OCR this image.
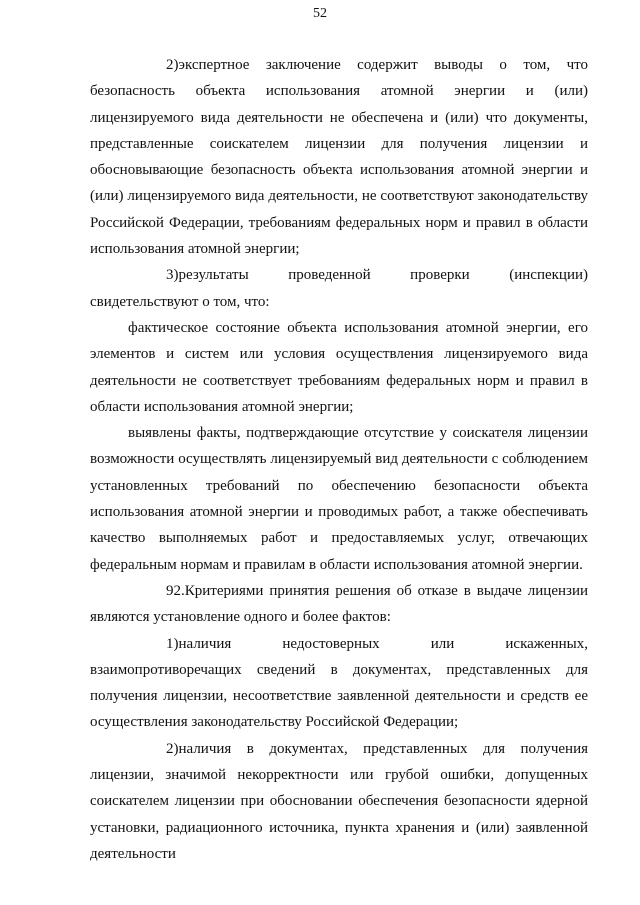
52

2)экспертное заключение содержит выводы о том, что безопасность объекта использования атомной энергии и (или) лицензируемого вида деятельности не обеспечена и (или) что документы, представленные соискателем лицензии для получения лицензии и обосновывающие безопасность объекта использования атомной энергии и (или) лицензируемого вида деятельности, не соответствуют законодательству Российской Федерации, требованиям федеральных норм и правил в области использования атомной энергии;

3)результаты проведенной проверки (инспекции) свидетельствуют о том, что:

фактическое состояние объекта использования атомной энергии, его элементов и систем или условия осуществления лицензируемого вида деятельности не соответствует требованиям федеральных норм и правил в области использования атомной энергии;

выявлены факты, подтверждающие отсутствие у соискателя лицензии возможности осуществлять лицензируемый вид деятельности с соблюдением установленных требований по обеспечению безопасности объекта использования атомной энергии и проводимых работ, а также обеспечивать качество выполняемых работ и предоставляемых услуг, отвечающих федеральным нормам и правилам в области использования атомной энергии.

92.Критериями принятия решения об отказе в выдаче лицензии являются установление одного и более фактов:

1)наличия недостоверных или искаженных, взаимопротиворечащих сведений в документах, представленных для получения лицензии, несоответствие заявленной деятельности и средств ее осуществления законодательству Российской Федерации;

2)наличия в документах, представленных для получения лицензии, значимой некорректности или грубой ошибки, допущенных соискателем лицензии при обосновании обеспечения безопасности ядерной установки, радиационного источника, пункта хранения и (или) заявленной деятельности
